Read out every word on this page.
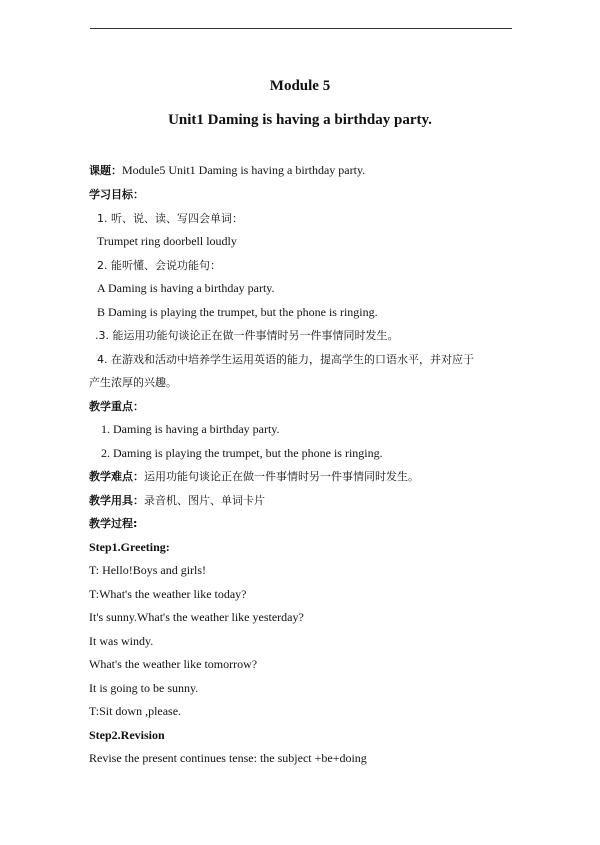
Module 5
Unit1 Daming is having a birthday party.
课题：Module5 Unit1 Daming is having a birthday party.
学习目标：
1. 听、说、读、写四会单词：
Trumpet ring doorbell loudly
2. 能听懂、会说功能句：
A Daming is having a birthday party.
B Daming is playing the trumpet, but the phone is ringing.
.3. 能运用功能句谈论正在做一件事情时另一件事情同时发生。
4. 在游戏和活动中培养学生运用英语的能力，提高学生的口语水平，并对应于
产生浓厚的兴趣。
教学重点：
1. Daming is having a birthday party.
2. Daming is playing the trumpet, but the phone is ringing.
教学难点：运用功能句谈论正在做一件事情时另一件事情同时发生。
教学用具：录音机、图片、单词卡片
教学过程:
Step1.Greeting:
T: Hello!Boys and girls!
T:What's the weather like today?
It's sunny.What's the weather like yesterday?
It was windy.
What's the weather like tomorrow?
It is going to be sunny.
T:Sit down ,please.
Step2.Revision
Revise the present continues tense: the subject +be+doing
